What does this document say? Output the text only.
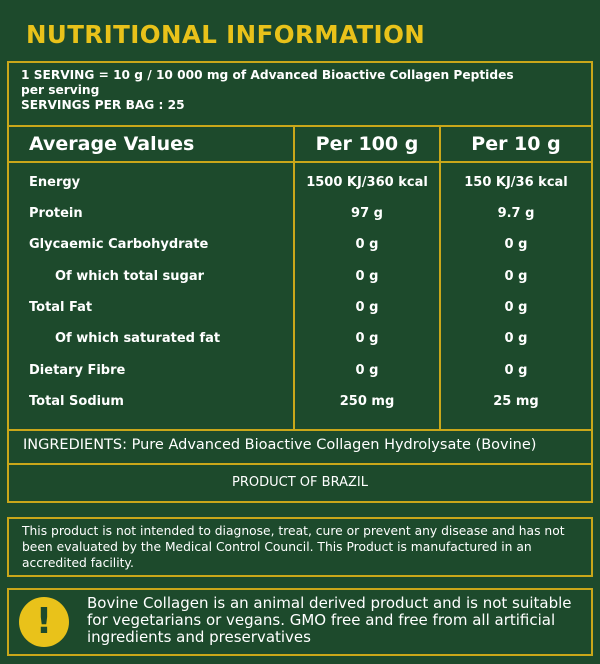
NUTRITIONAL INFORMATION
1 SERVING = 10 g / 10 000 mg of Advanced Bioactive Collagen Peptides
per serving
SERVINGS PER BAG : 25
Average Values	Per 100 g	Per 10 g
Energy	1500 KJ/360 kcal	150 KJ/36 kcal
Protein	97 g	9.7 g
Glycaemic Carbohydrate	0 g	0 g
Of which total sugar	0 g	0 g
Total Fat	0 g	0 g
Of which saturated fat	0 g	0 g
Dietary Fibre	0 g	0 g
Total Sodium	250 mg	25 mg
INGREDIENTS: Pure Advanced Bioactive Collagen Hydrolysate (Bovine)
PRODUCT OF BRAZIL
This product is not intended to diagnose, treat, cure or prevent any disease and has not been evaluated by the Medical Control Council. This Product is manufactured in an accredited facility.
!	Bovine Collagen is an animal derived product and is not suitable for vegetarians or vegans. GMO free and free from all artificial ingredients and preservatives
